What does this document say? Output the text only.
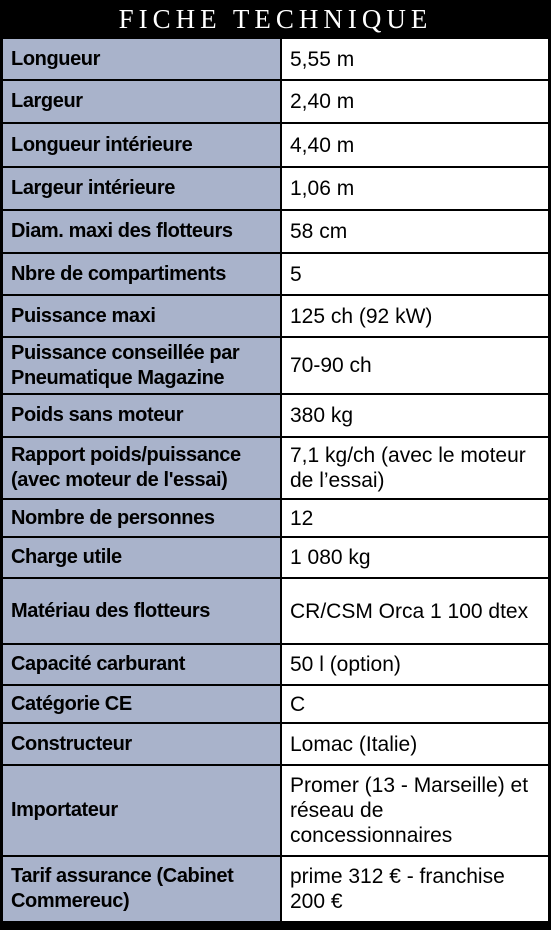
FICHE TECHNIQUE
Longueur	5,55 m
Largeur	2,40 m
Longueur intérieure	4,40 m
Largeur intérieure	1,06 m
Diam. maxi des flotteurs	58 cm
Nbre de compartiments	5
Puissance maxi	125 ch (92 kW)
Puissance conseillée par Pneumatique Magazine	70-90 ch
Poids sans moteur	380 kg
Rapport poids/puissance (avec moteur de l'essai)	7,1 kg/ch (avec le moteur de l’essai)
Nombre de personnes	12
Charge utile	1 080 kg
Matériau des flotteurs	CR/CSM Orca 1 100 dtex
Capacité carburant	50 l (option)
Catégorie CE	C
Constructeur	Lomac (Italie)
Importateur	Promer (13 - Marseille) et réseau de concessionnaires
Tarif assurance (Cabinet Commereuc)	prime 312 € - franchise 200 €
